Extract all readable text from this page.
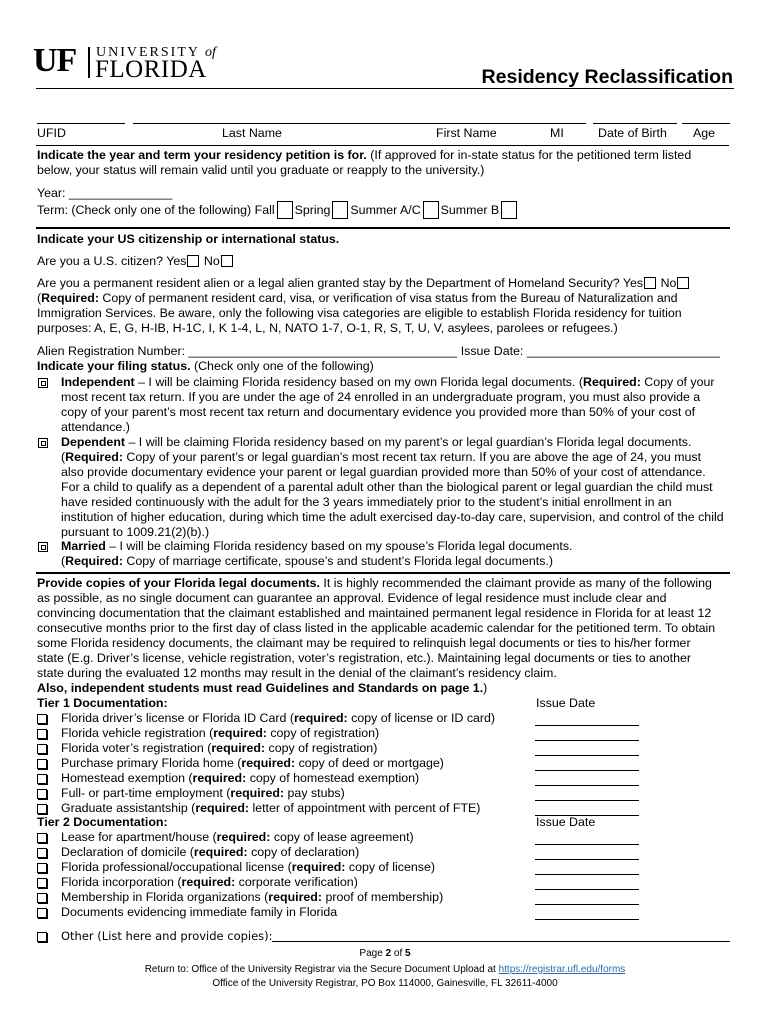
UF UNIVERSITY of
FLORIDA	Residency Reclassification
UFID	Last Name	First Name	MI	Date of Birth Age
Indicate the year and term your residency petition is for. (If approved for in-state status for the petitioned term listed
below, your status will remain valid until you graduate or reapply to the university.)
Year: _______________
Term: (Check only one of the following) Fall Spring Summer A/C Summer B
Indicate your US citizenship or international status.
Are you a U.S. citizen? Yes No
Are you a permanent resident alien or a legal alien granted stay by the Department of Homeland Security? Yes No
(Required: Copy of permanent resident card, visa, or verification of visa status from the Bureau of Naturalization and
Immigration Services. Be aware, only the following visa categories are eligible to establish Florida residency for tuition
purposes: A, E, G, H-IB, H-1C, I, K 1-4, L, N, NATO 1-7, O-1, R, S, T, U, V, asylees, parolees or refugees.)
Alien Registration Number: _______________________________________ Issue Date: ____________________________
Indicate your filing status. (Check only one of the following)
Independent – I will be claiming Florida residency based on my own Florida legal documents. (Required: Copy of your
most recent tax return. If you are under the age of 24 enrolled in an undergraduate program, you must also provide a
copy of your parent’s most recent tax return and documentary evidence you provided more than 50% of your cost of
attendance.)
Dependent – I will be claiming Florida residency based on my parent’s or legal guardian’s Florida legal documents.
(Required: Copy of your parent’s or legal guardian’s most recent tax return. If you are above the age of 24, you must
also provide documentary evidence your parent or legal guardian provided more than 50% of your cost of attendance.
For a child to qualify as a dependent of a parental adult other than the biological parent or legal guardian the child must
have resided continuously with the adult for the 3 years immediately prior to the student’s initial enrollment in an
institution of higher education, during which time the adult exercised day-to-day care, supervision, and control of the child
pursuant to 1009.21(2)(b).)
Married – I will be claiming Florida residency based on my spouse’s Florida legal documents.
(Required: Copy of marriage certificate, spouse’s and student’s Florida legal documents.)
Provide copies of your Florida legal documents. It is highly recommended the claimant provide as many of the following
as possible, as no single document can guarantee an approval. Evidence of legal residence must include clear and
convincing documentation that the claimant established and maintained permanent legal residence in Florida for at least 12
consecutive months prior to the first day of class listed in the applicable academic calendar for the petitioned term. To obtain
some Florida residency documents, the claimant may be required to relinquish legal documents or ties to his/her former
state (E.g. Driver’s license, vehicle registration, voter’s registration, etc.). Maintaining legal documents or ties to another
state during the evaluated 12 months may result in the denial of the claimant’s residency claim.
Also, independent students must read Guidelines and Standards on page 1.)
Tier 1 Documentation:	Issue Date
Florida driver’s license or Florida ID Card (required: copy of license or ID card)
Florida vehicle registration (required: copy of registration)
Florida voter’s registration (required: copy of registration)
Purchase primary Florida home (required: copy of deed or mortgage)
Homestead exemption (required: copy of homestead exemption)
Full- or part-time employment (required: pay stubs)
Graduate assistantship (required: letter of appointment with percent of FTE)
Tier 2 Documentation:	Issue Date
Lease for apartment/house (required: copy of lease agreement)
Declaration of domicile (required: copy of declaration)
Florida professional/occupational license (required: copy of license)
Florida incorporation (required: corporate verification)
Membership in Florida organizations (required: proof of membership)
Documents evidencing immediate family in Florida
Other (List here and provide copies):
Page 2 of 5
Return to: Office of the University Registrar via the Secure Document Upload at https://registrar.ufl.edu/forms
Office of the University Registrar, PO Box 114000, Gainesville, FL 32611-4000
